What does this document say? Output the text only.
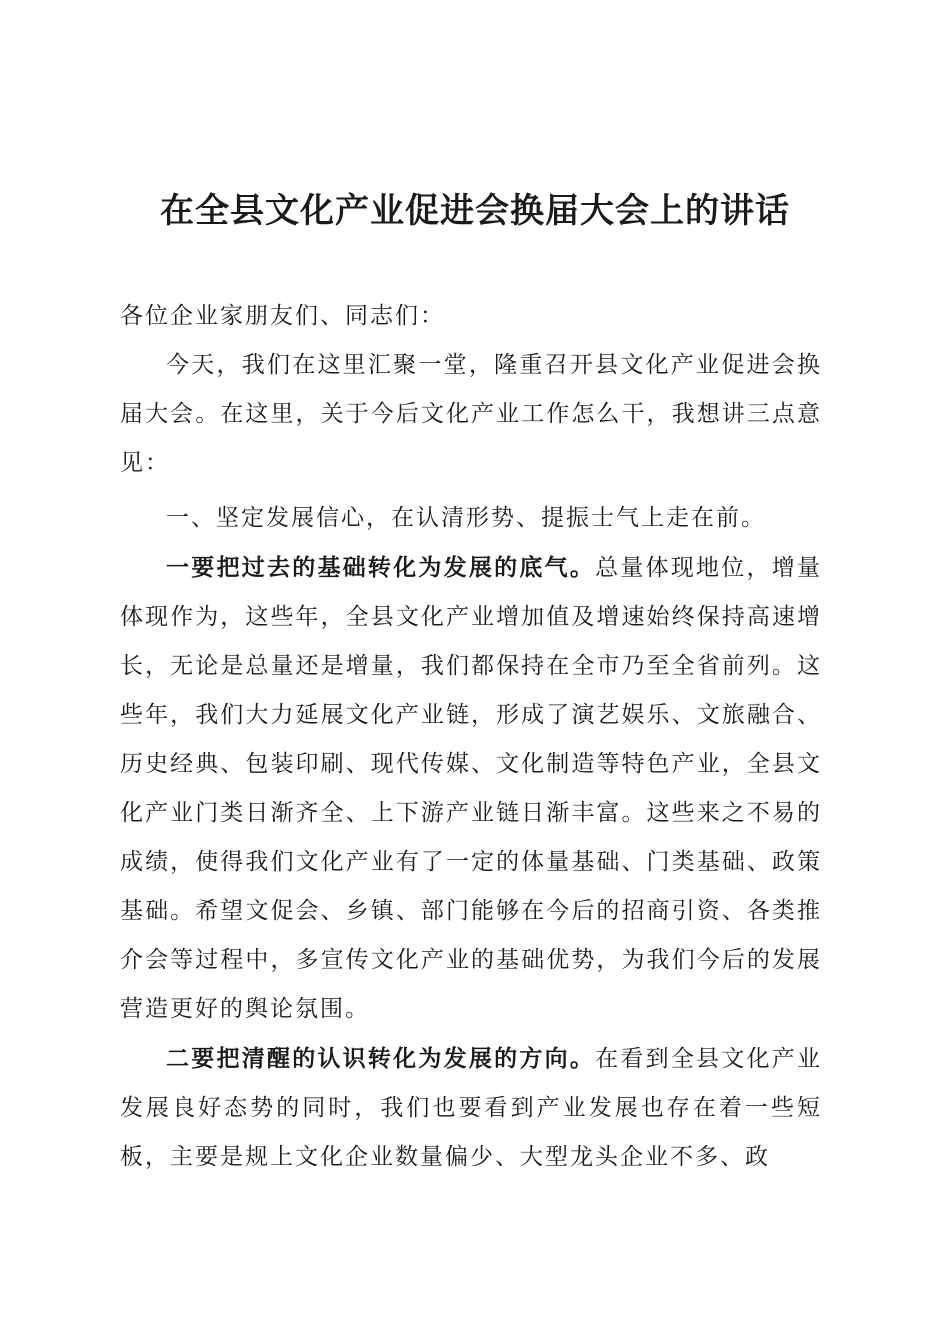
在全县文化产业促进会换届大会上的讲话

各位企业家朋友们、同志们：

今天，我们在这里汇聚一堂，隆重召开县文化产业促进会换届大会。在这里，关于今后文化产业工作怎么干，我想讲三点意见：

一、坚定发展信心，在认清形势、提振士气上走在前。

一要把过去的基础转化为发展的底气。总量体现地位，增量体现作为，这些年，全县文化产业增加值及增速始终保持高速增长，无论是总量还是增量，我们都保持在全市乃至全省前列。这些年，我们大力延展文化产业链，形成了演艺娱乐、文旅融合、历史经典、包装印刷、现代传媒、文化制造等特色产业，全县文化产业门类日渐齐全、上下游产业链日渐丰富。这些来之不易的成绩，使得我们文化产业有了一定的体量基础、门类基础、政策基础。希望文促会、乡镇、部门能够在今后的招商引资、各类推介会等过程中，多宣传文化产业的基础优势，为我们今后的发展营造更好的舆论氛围。

二要把清醒的认识转化为发展的方向。在看到全县文化产业发展良好态势的同时，我们也要看到产业发展也存在着一些短板，主要是规上文化企业数量偏少、大型龙头企业不多、政
